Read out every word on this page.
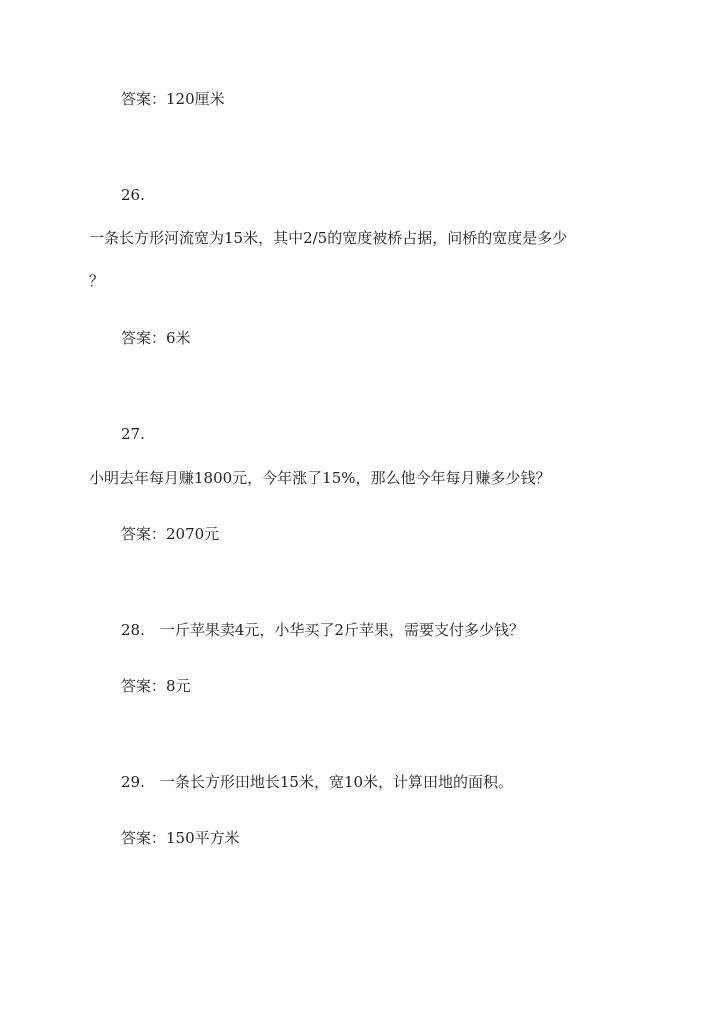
答案：120厘米
26.
一条长方形河流宽为15米，其中2/5的宽度被桥占据，问桥的宽度是多少
？
答案：6米
27.
小明去年每月赚1800元，今年涨了15%，那么他今年每月赚多少钱？
答案：2070元
28.　一斤苹果卖4元，小华买了2斤苹果，需要支付多少钱？
答案：8元
29.　一条长方形田地长15米，宽10米，计算田地的面积。
答案：150平方米
